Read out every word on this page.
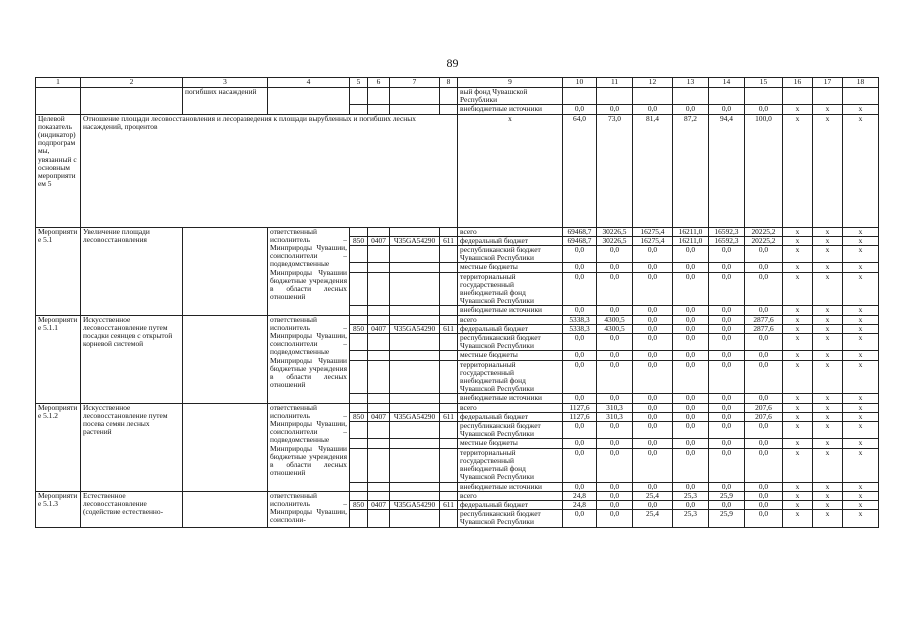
89
1	2	3	4	5	6	7	8	9	10	11	12	13	14	15	16	17	18
		погибших насаждений						вый фонд Чувашской Республики									
								внебюджетные источники	0,0	0,0	0,0	0,0	0,0	0,0	x	x	x
Целевой показатель (индикатор) подпрограммы, увязанный с основным мероприятием 5	Отношение площади лесовосстановления и лесоразведения к площади вырубленных и погибших лесных насаждений, процентов							x	64,0	73,0	81,4	87,2	94,4	100,0	x	x	x
Мероприятие 5.1	Увеличение площади лесовосстановления		ответственный исполнитель – Минприроды Чувашии, соисполнители – подведомственные Минприроды Чувашии бюджетные учреждения в области лесных отношений					всего	69468,7	30226,5	16275,4	16211,0	16592,3	20225,2	x	x	x
				850	0407	Ч35GA54290	611	федеральный бюджет	69468,7	30226,5	16275,4	16211,0	16592,3	20225,2	x	x	x
								республиканский бюджет Чувашской Республики	0,0	0,0	0,0	0,0	0,0	0,0	x	x	x
								местные бюджеты	0,0	0,0	0,0	0,0	0,0	0,0	x	x	x
								территориальный государственный внебюджетный фонд Чувашской Республики	0,0	0,0	0,0	0,0	0,0	0,0	x	x	x
								внебюджетные источники	0,0	0,0	0,0	0,0	0,0	0,0	x	x	x
Мероприятие 5.1.1	Искусственное лесовосстановление путем посадки сеянцев с открытой корневой системой		ответственный исполнитель – Минприроды Чувашии, соисполнители – подведомственные Минприроды Чувашии бюджетные учреждения в области лесных отношений					всего	5338,3	4300,5	0,0	0,0	0,0	2877,6	x	x	x
				850	0407	Ч35GA54290	611	федеральный бюджет	5338,3	4300,5	0,0	0,0	0,0	2877,6	x	x	x
								республиканский бюджет Чувашской Республики	0,0	0,0	0,0	0,0	0,0	0,0	x	x	x
								местные бюджеты	0,0	0,0	0,0	0,0	0,0	0,0	x	x	x
								территориальный государственный внебюджетный фонд Чувашской Республики	0,0	0,0	0,0	0,0	0,0	0,0	x	x	x
								внебюджетные источники	0,0	0,0	0,0	0,0	0,0	0,0	x	x	x
Мероприятие 5.1.2	Искусственное лесовосстановление путем посева семян лесных растений		ответственный исполнитель – Минприроды Чувашии, соисполнители – подведомственные Минприроды Чувашии бюджетные учреждения в области лесных отношений					всего	1127,6	310,3	0,0	0,0	0,0	207,6	x	x	x
				850	0407	Ч35GA54290	611	федеральный бюджет	1127,6	310,3	0,0	0,0	0,0	207,6	x	x	x
								республиканский бюджет Чувашской Республики	0,0	0,0	0,0	0,0	0,0	0,0	x	x	x
								местные бюджеты	0,0	0,0	0,0	0,0	0,0	0,0	x	x	x
								территориальный государственный внебюджетный фонд Чувашской Республики	0,0	0,0	0,0	0,0	0,0	0,0	x	x	x
								внебюджетные источники	0,0	0,0	0,0	0,0	0,0	0,0	x	x	x
Мероприятие 5.1.3	Естественное лесовосстановление (содействие естественно-		ответственный исполнитель – Минприроды Чувашии, соисполни-					всего	24,8	0,0	25,4	25,3	25,9	0,0	x	x	x
				850	0407	Ч35GA54290	611	федеральный бюджет	24,8	0,0	0,0	0,0	0,0	0,0	x	x	x
								республиканский бюджет Чувашской Республики	0,0	0,0	25,4	25,3	25,9	0,0	x	x	x
